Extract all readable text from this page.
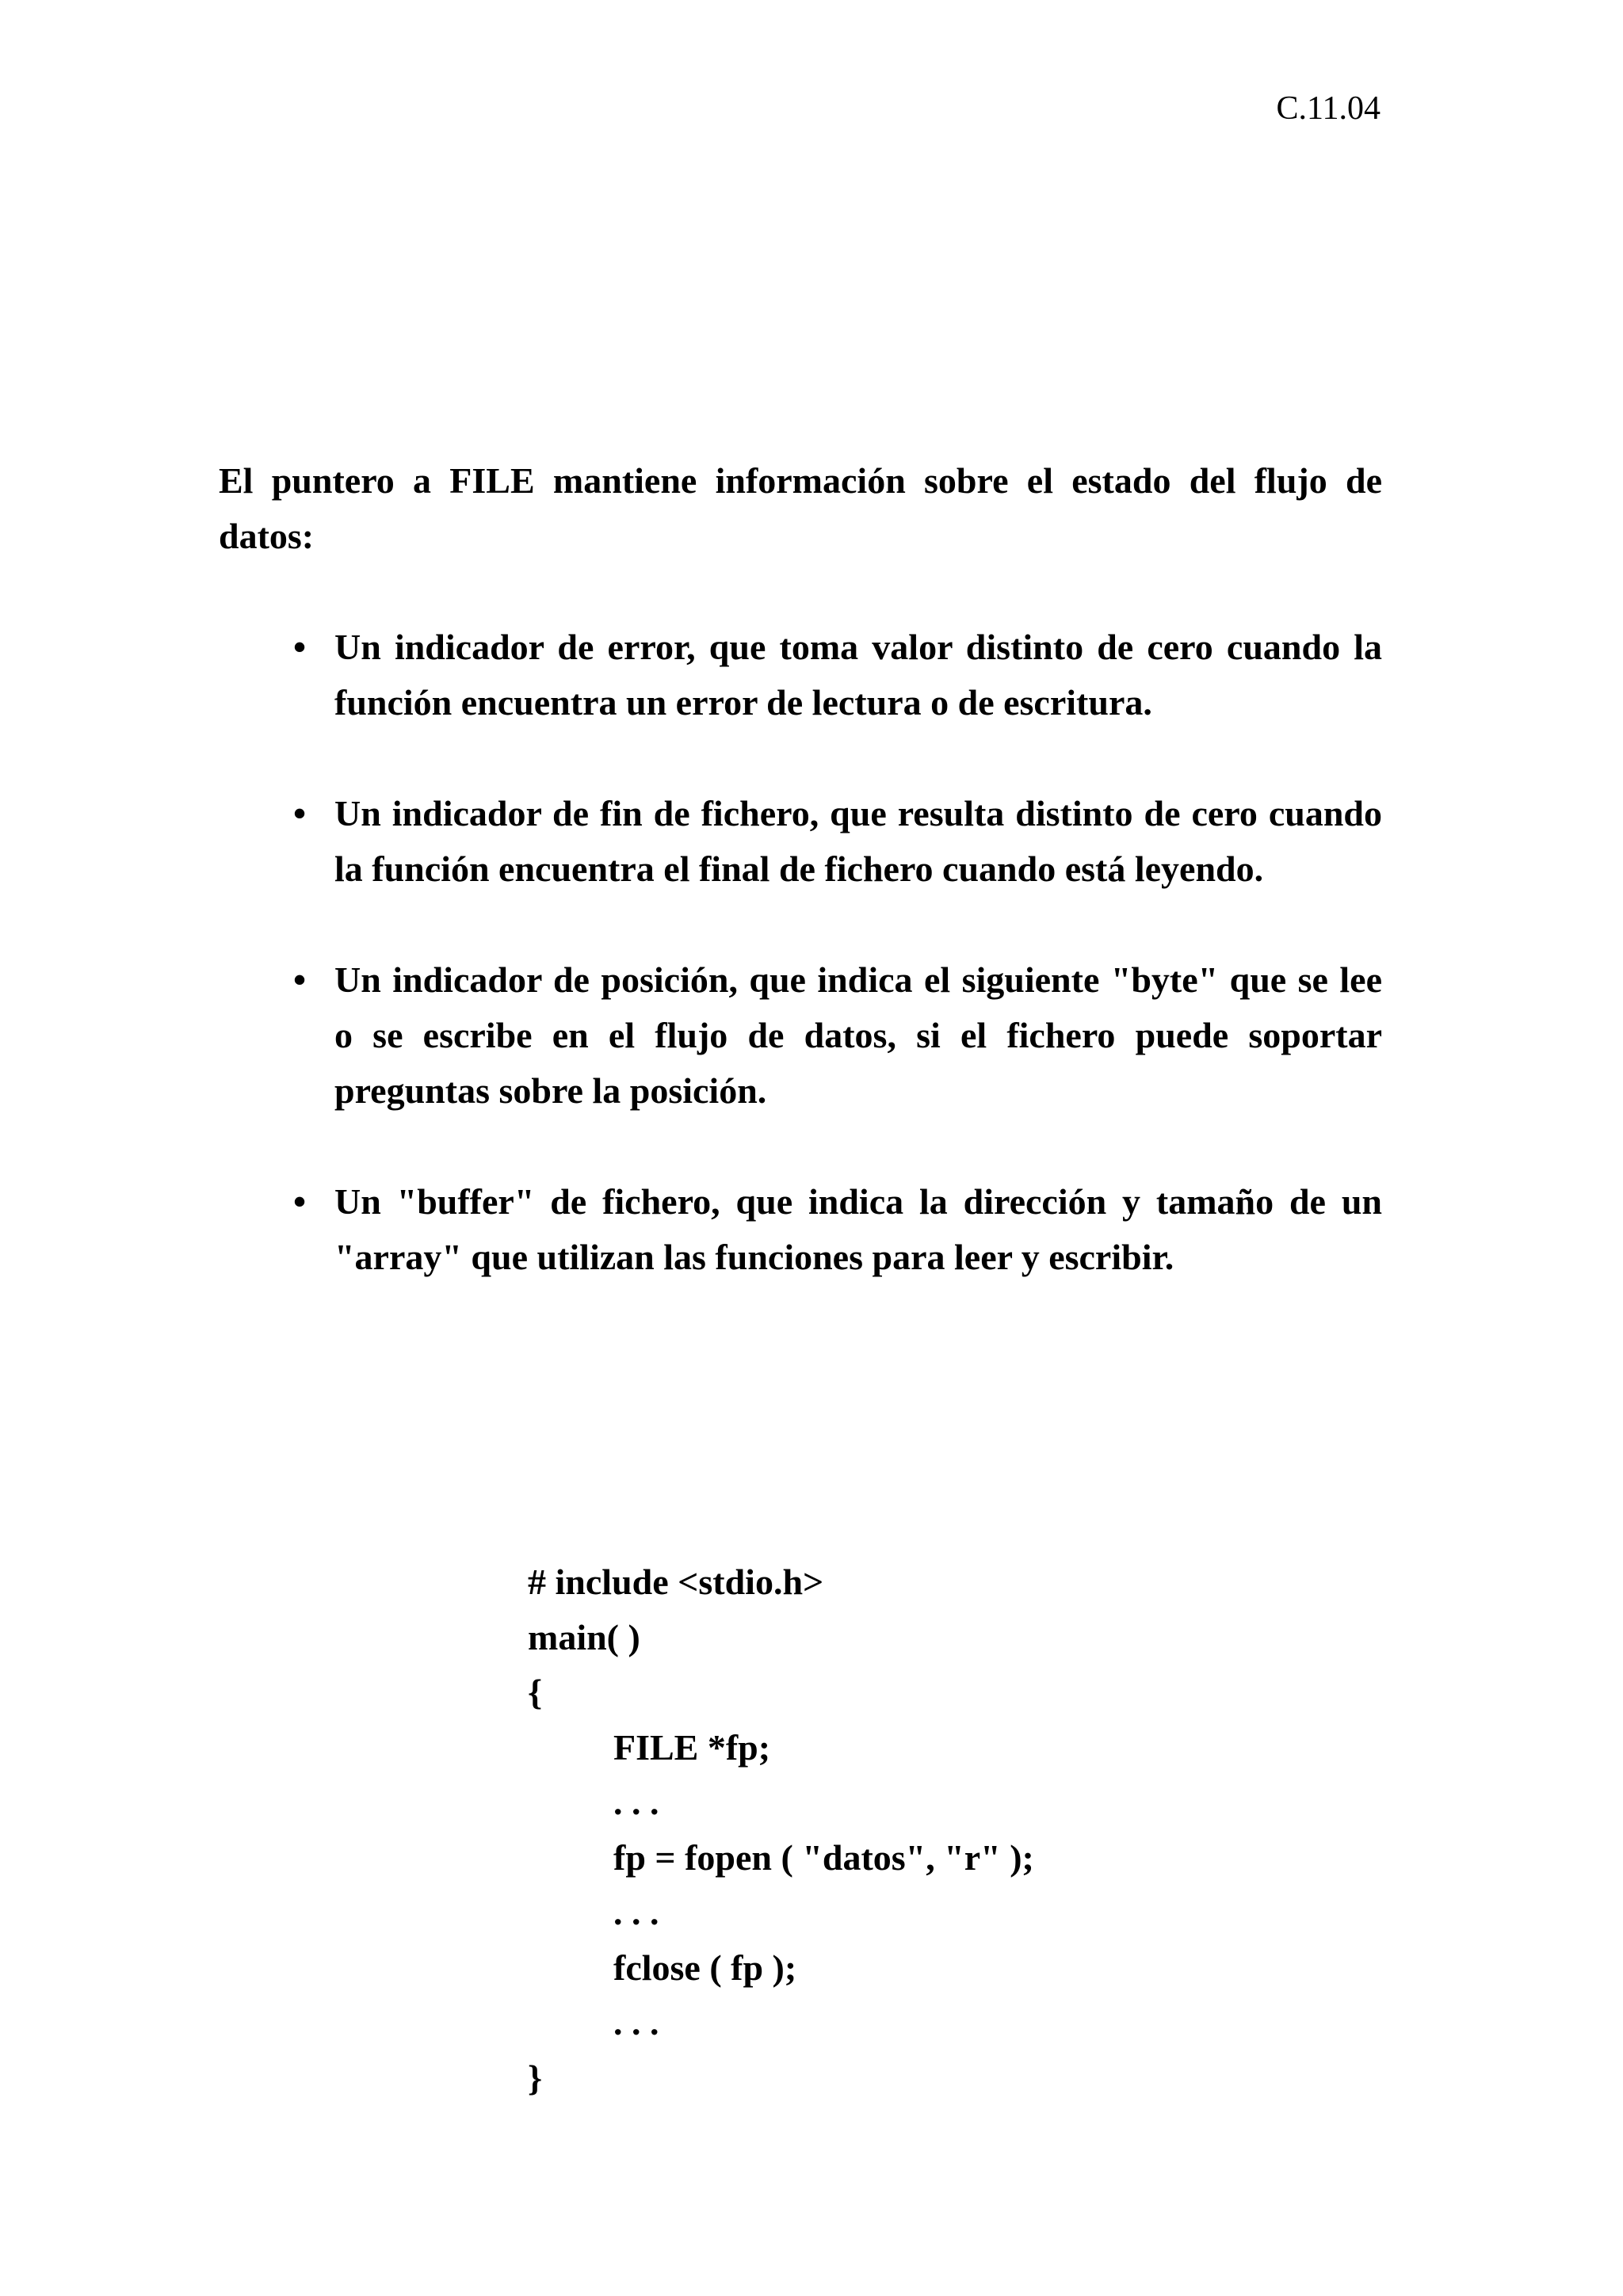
C.11.04

El puntero a FILE mantiene información sobre el estado del flujo de datos:

• Un indicador de error, que toma valor distinto de cero cuando la función encuentra un error de lectura o de escritura.
• Un indicador de fin de fichero, que resulta distinto de cero cuando la función encuentra el final de fichero cuando está leyendo.
• Un indicador de posición, que indica el siguiente "byte" que se lee o se escribe en el flujo de datos, si el fichero puede soportar preguntas sobre la posición.
• Un "buffer" de fichero, que indica la dirección y tamaño de un "array" que utilizan las funciones para leer y escribir.
# include <stdio.h>
main( )
{
FILE *fp;
. . .
fp = fopen ( "datos", "r" );
. . .
fclose ( fp );
. . .
}
